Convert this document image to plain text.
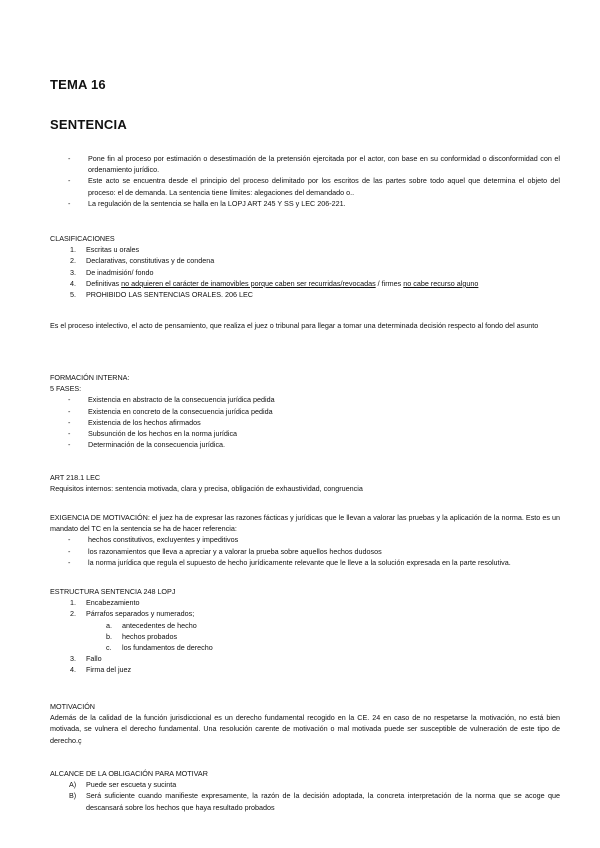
TEMA 16
SENTENCIA
- Pone fin al proceso por estimación o desestimación de la pretensión ejercitada por el actor, con base en su conformidad o disconformidad con el ordenamiento jurídico.
- Este acto se encuentra desde el principio del proceso delimitado por los escritos de las partes sobre todo aquel que determina el objeto del proceso: el de demanda. La sentencia tiene límites: alegaciones del demandado o..
- La regulación de la sentencia se halla en la LOPJ ART 245 Y SS y LEC 206-221.
CLASIFICACIONES
1. Escritas u orales
2. Declarativas, constitutivas y de condena
3. De inadmisión/ fondo
4. Definitivas no adquieren el carácter de inamovibles porque caben ser recurridas/revocadas / firmes no cabe recurso alguno
5. PROHIBIDO LAS SENTENCIAS ORALES. 206 LEC
Es el proceso intelectivo, el acto de pensamiento, que realiza el juez o tribunal para llegar a tomar una determinada decisión respecto al fondo del asunto
FORMACIÓN INTERNA:
5 FASES:
- Existencia en abstracto de la consecuencia jurídica pedida
- Existencia en concreto de la consecuencia jurídica pedida
- Existencia de los hechos afirmados
- Subsunción de los hechos en la norma jurídica
- Determinación de la consecuencia jurídica.
ART 218.1 LEC
Requisitos internos: sentencia motivada, clara y precisa, obligación de exhaustividad, congruencia
EXIGENCIA DE MOTIVACIÓN: el juez ha de expresar las razones fácticas y jurídicas que le llevan a valorar las pruebas y la aplicación de la norma. Esto es un mandato del TC en la sentencia se ha de hacer referencia:
- hechos constitutivos, excluyentes y impeditivos
- los razonamientos que lleva a apreciar y a valorar la prueba sobre aquellos hechos dudosos
- la norma jurídica que regula el supuesto de hecho jurídicamente relevante que le lleve a la solución expresada en la parte resolutiva.
ESTRUCTURA SENTENCIA 248 LOPJ
1. Encabezamiento
2. Párrafos separados y numerados;
a. antecedentes de hecho
b. hechos probados
c. los fundamentos de derecho
3. Fallo
4. Firma del juez
MOTIVACIÓN
Además de la calidad de la función jurisdiccional es un derecho fundamental recogido en la CE. 24 en caso de no respetarse la motivación, no está bien motivada, se vulnera el derecho fundamental. Una resolución carente de motivación o mal motivada puede ser susceptible de vulneración de este tipo de derecho.ç
ALCANCE DE LA OBLIGACIÓN PARA MOTIVAR
A) Puede ser escueta y sucinta
B) Será suficiente cuando manifieste expresamente, la razón de la decisión adoptada, la concreta interpretación de la norma que se acoge que descansará sobre los hechos que haya resultado probados
